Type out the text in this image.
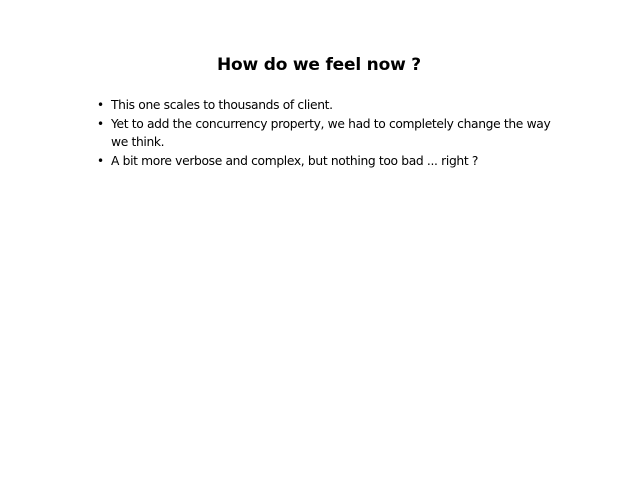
How do we feel now ?
• This one scales to thousands of client.
• Yet to add the concurrency property, we had to completely change the way we think.
• A bit more verbose and complex, but nothing too bad ... right ?
